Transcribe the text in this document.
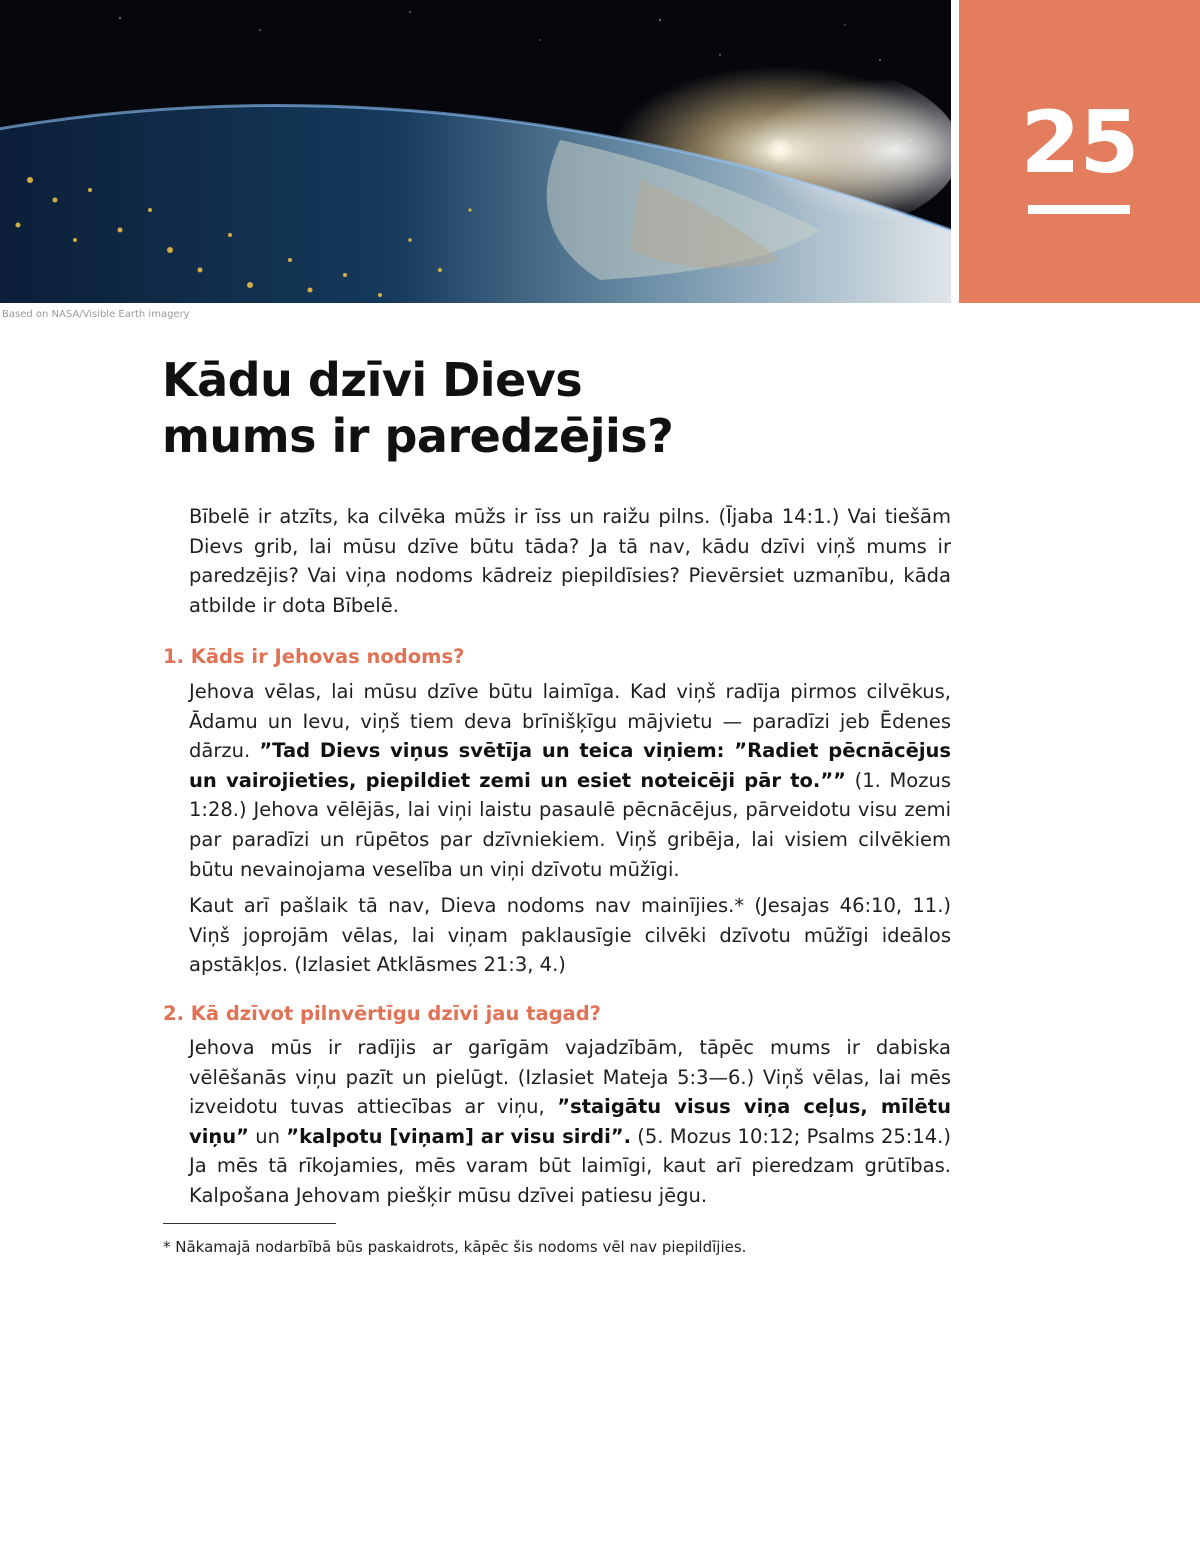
Based on NASA/Visible Earth imagery
25
Kādu dzīvi Dievs
mums ir paredzējis?

Bībelē ir atzīts, ka cilvēka mūžs ir īss un raižu pilns. (Ījaba 14:1.) Vai tiešām Dievs grib, lai mūsu dzīve būtu tāda? Ja tā nav, kādu dzīvi viņš mums ir paredzējis? Vai viņa nodoms kādreiz piepildīsies? Pievērsiet uzmanību, kāda atbilde ir dota Bībelē.

1. Kāds ir Jehovas nodoms?

Jehova vēlas, lai mūsu dzīve būtu laimīga. Kad viņš radīja pirmos cilvēkus, Ādamu un Ievu, viņš tiem deva brīnišķīgu mājvietu — paradīzi jeb Ēdenes dārzu. ”Tad Dievs viņus svētīja un teica viņiem: ”Radiet pēcnācējus un vairojieties, piepildiet zemi un esiet noteicēji pār to.”” (1. Mozus 1:28.) Jehova vēlējās, lai viņi laistu pasaulē pēcnācējus, pārveidotu visu zemi par paradīzi un rūpētos par dzīvniekiem. Viņš gribēja, lai visiem cilvēkiem būtu nevainojama veselība un viņi dzīvotu mūžīgi.

Kaut arī pašlaik tā nav, Dieva nodoms nav mainījies.* (Jesajas 46:10, 11.) Viņš joprojām vēlas, lai viņam paklausīgie cilvēki dzīvotu mūžīgi ideālos apstākļos. (Izlasiet Atklāsmes 21:3, 4.)

2. Kā dzīvot pilnvērtīgu dzīvi jau tagad?

Jehova mūs ir radījis ar garīgām vajadzībām, tāpēc mums ir dabiska vēlēšanās viņu pazīt un pielūgt. (Izlasiet Mateja 5:3—6.) Viņš vēlas, lai mēs izveidotu tuvas attiecības ar viņu, ”staigātu visus viņa ceļus, mīlētu viņu” un ”kalpotu [viņam] ar visu sirdi”. (5. Mozus 10:12; Psalms 25:14.) Ja mēs tā rīkojamies, mēs varam būt laimīgi, kaut arī pieredzam grūtības. Kalpošana Jehovam piešķir mūsu dzīvei patiesu jēgu.

* Nākamajā nodarbībā būs paskaidrots, kāpēc šis nodoms vēl nav piepildījies.
